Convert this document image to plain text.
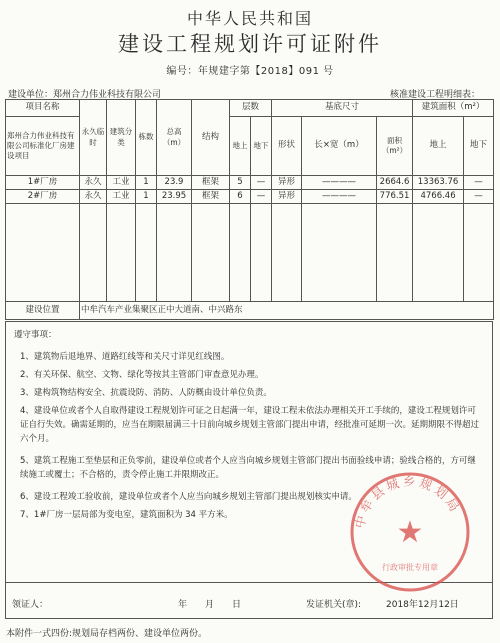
中华人民共和国
建设工程规划许可证附件
编号：年规建字第【2018】091 号
建设单位：郑州合力伟业科技有限公司	核准建设工程明细表：
项目名称	永久临时	建筑分类	栋数	总高（m）	结构	层数		基底尺寸			建筑面积（m²）	
郑州合力伟业科技有限公司标准化厂房建设项目						地上	地下	形状	长×宽（m）	面积（m²）	地上	地下
1#厂房	永久	工业	1	23.9	框架	5	—	异形	————	2664.6	13363.76	—
2#厂房	永久	工业	1	23.95	框架	6	—	异形	————	776.51	4766.46	—

建设位置	中牟汽车产业集聚区正中大道南、中兴路东											
遵守事项：
1、建筑物后退地界、道路红线等和关尺寸详见红线图。
2、有关环保、航空、文物、绿化等按其主管部门审查意见办理。
3、建构筑物结构安全、抗震设防、消防、人防概由设计单位负责。
4、建设单位或者个人自取得建设工程规划许可证之日起满一年，建设工程未依法办理相关开工手续的，建设工程规划许可证自行失效。确需延期的，应当在期限届满三十日前向城乡规划主管部门提出申请，经批准可延期一次。延期期限不得超过六个月。
5、建筑工程施工至垫层和正负零前，建设单位或者个人应当向城乡规划主管部门提出书面验线申请；验线合格的，方可继续施工或覆土；不合格的，责令停止施工并限期改正。
6、建设工程竣工验收前，建设单位或者个人应当向城乡规划主管部门提出规划核实申请。
7、1#厂房一层局部为变电室，建筑面积为 34 平方米。
领证人：	年　　月　　日	发证机关(章):	2018年12月12日
中牟县城乡规划局
★
行政审批专用章
本附件一式四份:规划局存档两份、建设单位两份。
